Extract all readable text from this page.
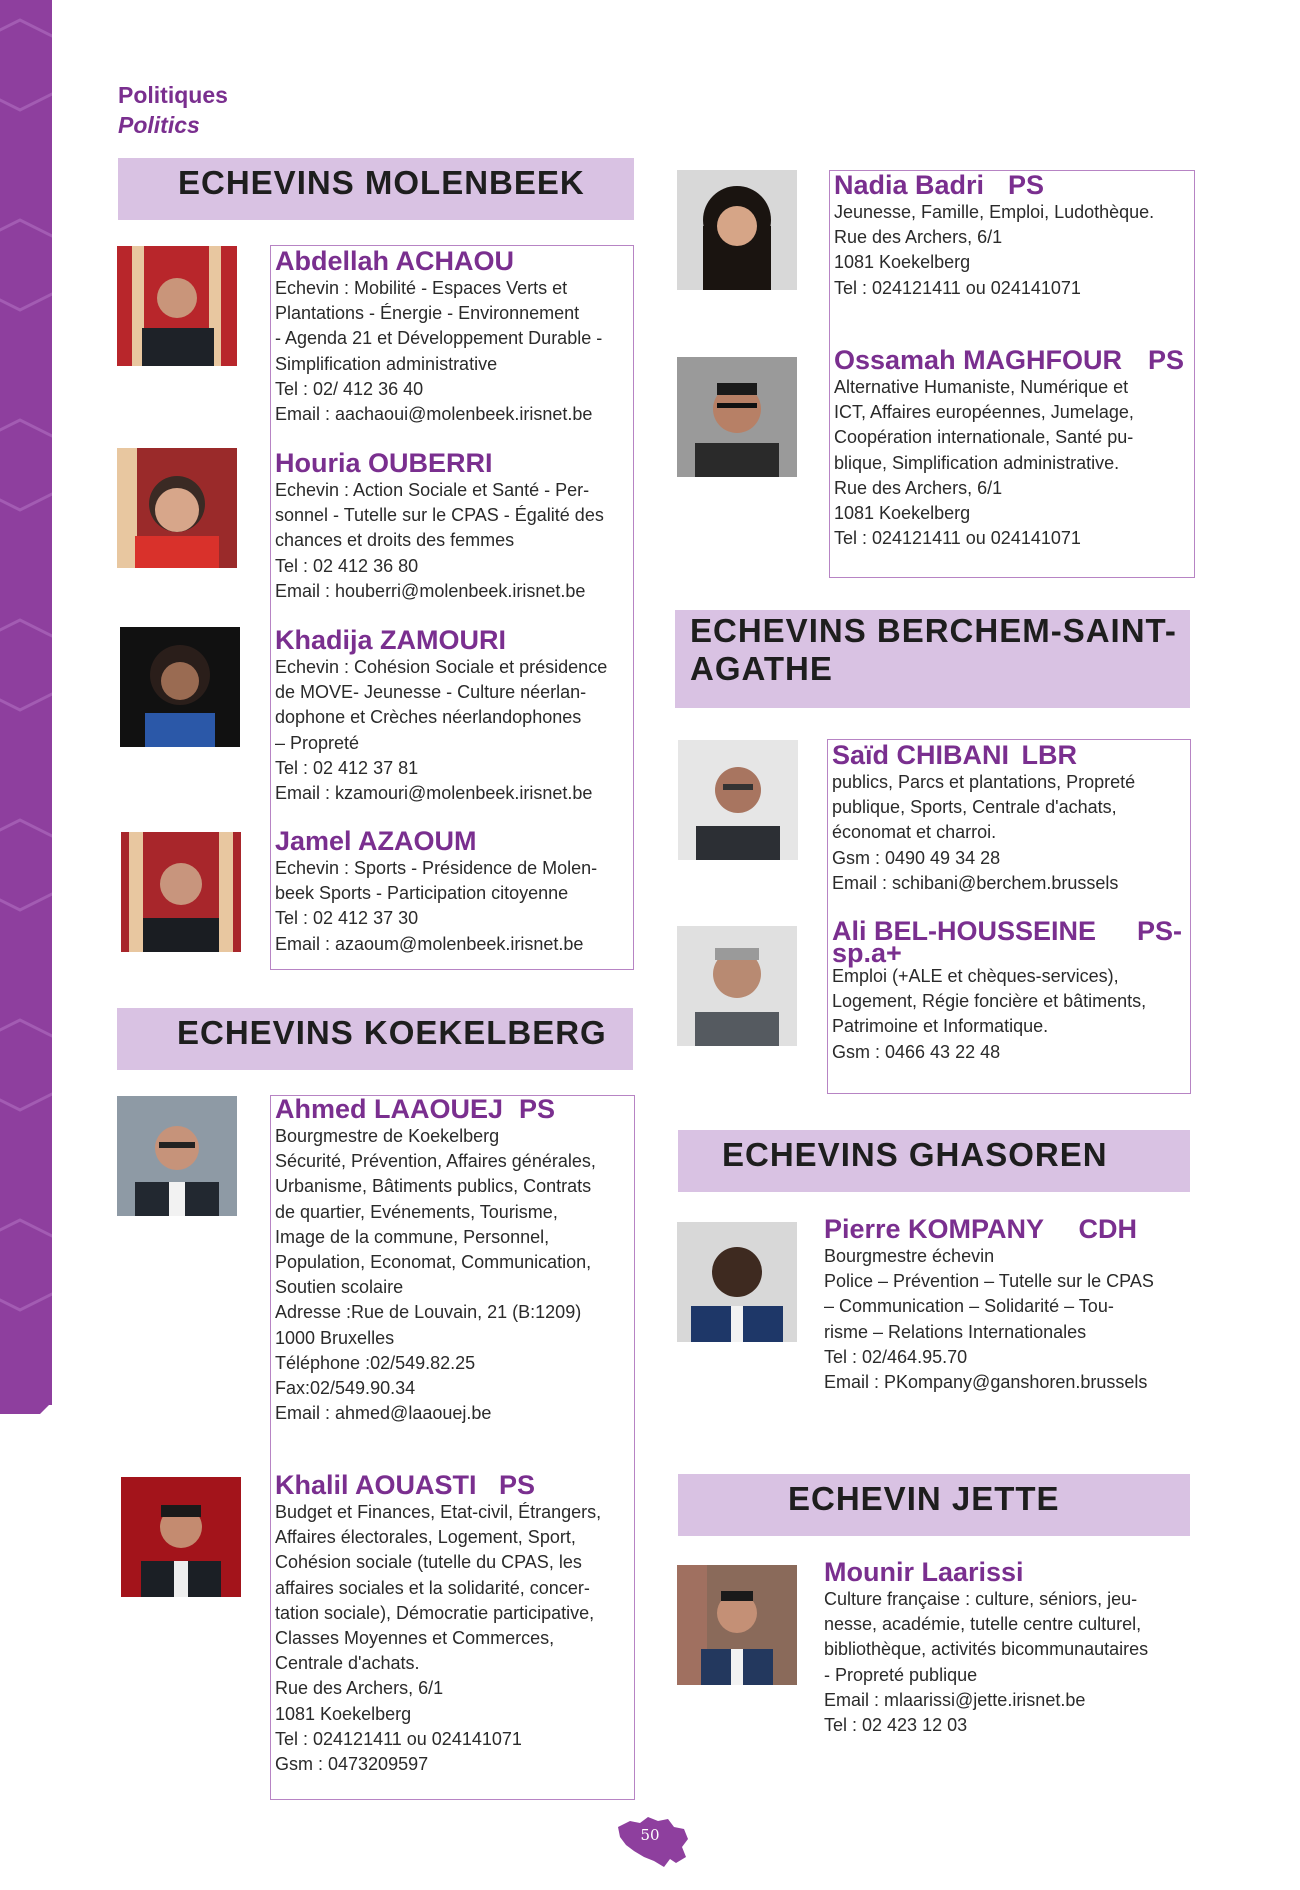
Politiques
Politics
ECHEVINS MOLENBEEK
Abdellah ACHAOU
Echevin : Mobilité - Espaces Verts et
Plantations - Énergie - Environnement
- Agenda 21 et Développement Durable -
Simplification administrative
Tel : 02/ 412 36 40
Email : aachaoui@molenbeek.irisnet.be
Houria OUBERRI
Echevin : Action Sociale et Santé - Per-
sonnel - Tutelle sur le CPAS - Égalité des
chances et droits des femmes
Tel : 02 412 36 80
Email : houberri@molenbeek.irisnet.be
Khadija ZAMOURI
Echevin : Cohésion Sociale et présidence
de MOVE- Jeunesse - Culture néerlan-
dophone et Crèches néerlandophones
– Propreté
Tel : 02 412 37 81
Email : kzamouri@molenbeek.irisnet.be
Jamel AZAOUM
Echevin : Sports - Présidence de Molen-
beek Sports - Participation citoyenne
Tel : 02 412 37 30
Email : azaoum@molenbeek.irisnet.be
ECHEVINS KOEKELBERG
Ahmed LAAOUEJ PS
Bourgmestre de Koekelberg
Sécurité, Prévention, Affaires générales,
Urbanisme, Bâtiments publics, Contrats
de quartier, Evénements, Tourisme,
Image de la commune, Personnel,
Population, Economat, Communication,
Soutien scolaire
Adresse :Rue de Louvain, 21 (B:1209)
1000 Bruxelles
Téléphone :02/549.82.25
Fax:02/549.90.34
Email : ahmed@laaouej.be
Khalil AOUASTI PS
Budget et Finances, Etat-civil, Étrangers,
Affaires électorales, Logement, Sport,
Cohésion sociale (tutelle du CPAS, les
affaires sociales et la solidarité, concer-
tation sociale), Démocratie participative,
Classes Moyennes et Commerces,
Centrale d'achats.
Rue des Archers, 6/1
1081 Koekelberg
Tel : 024121411 ou 024141071
Gsm : 0473209597
Nadia Badri PS
Jeunesse, Famille, Emploi, Ludothèque.
Rue des Archers, 6/1
1081 Koekelberg
Tel : 024121411 ou 024141071
Ossamah MAGHFOUR PS
Alternative Humaniste, Numérique et
ICT, Affaires européennes, Jumelage,
Coopération internationale, Santé pu-
blique, Simplification administrative.
Rue des Archers, 6/1
1081 Koekelberg
Tel : 024121411 ou 024141071
ECHEVINS BERCHEM-SAINT-
AGATHE
Saïd CHIBANI LBR
publics, Parcs et plantations, Propreté
publique, Sports, Centrale d'achats,
économat et charroi.
Gsm : 0490 49 34 28
Email : schibani@berchem.brussels
Ali BEL-HOUSSEINE PS-
sp.a+
Emploi (+ALE et chèques-services),
Logement, Régie foncière et bâtiments,
Patrimoine et Informatique.
Gsm : 0466 43 22 48
ECHEVINS GHASOREN
Pierre KOMPANY CDH
Bourgmestre échevin
Police – Prévention – Tutelle sur le CPAS
– Communication – Solidarité – Tou-
risme – Relations Internationales
Tel : 02/464.95.70
Email : PKompany@ganshoren.brussels
ECHEVIN JETTE
Mounir Laarissi
Culture française : culture, séniors, jeu-
nesse, académie, tutelle centre culturel,
bibliothèque, activités bicommunautaires
- Propreté publique
Email : mlaarissi@jette.irisnet.be
Tel : 02 423 12 03
50
